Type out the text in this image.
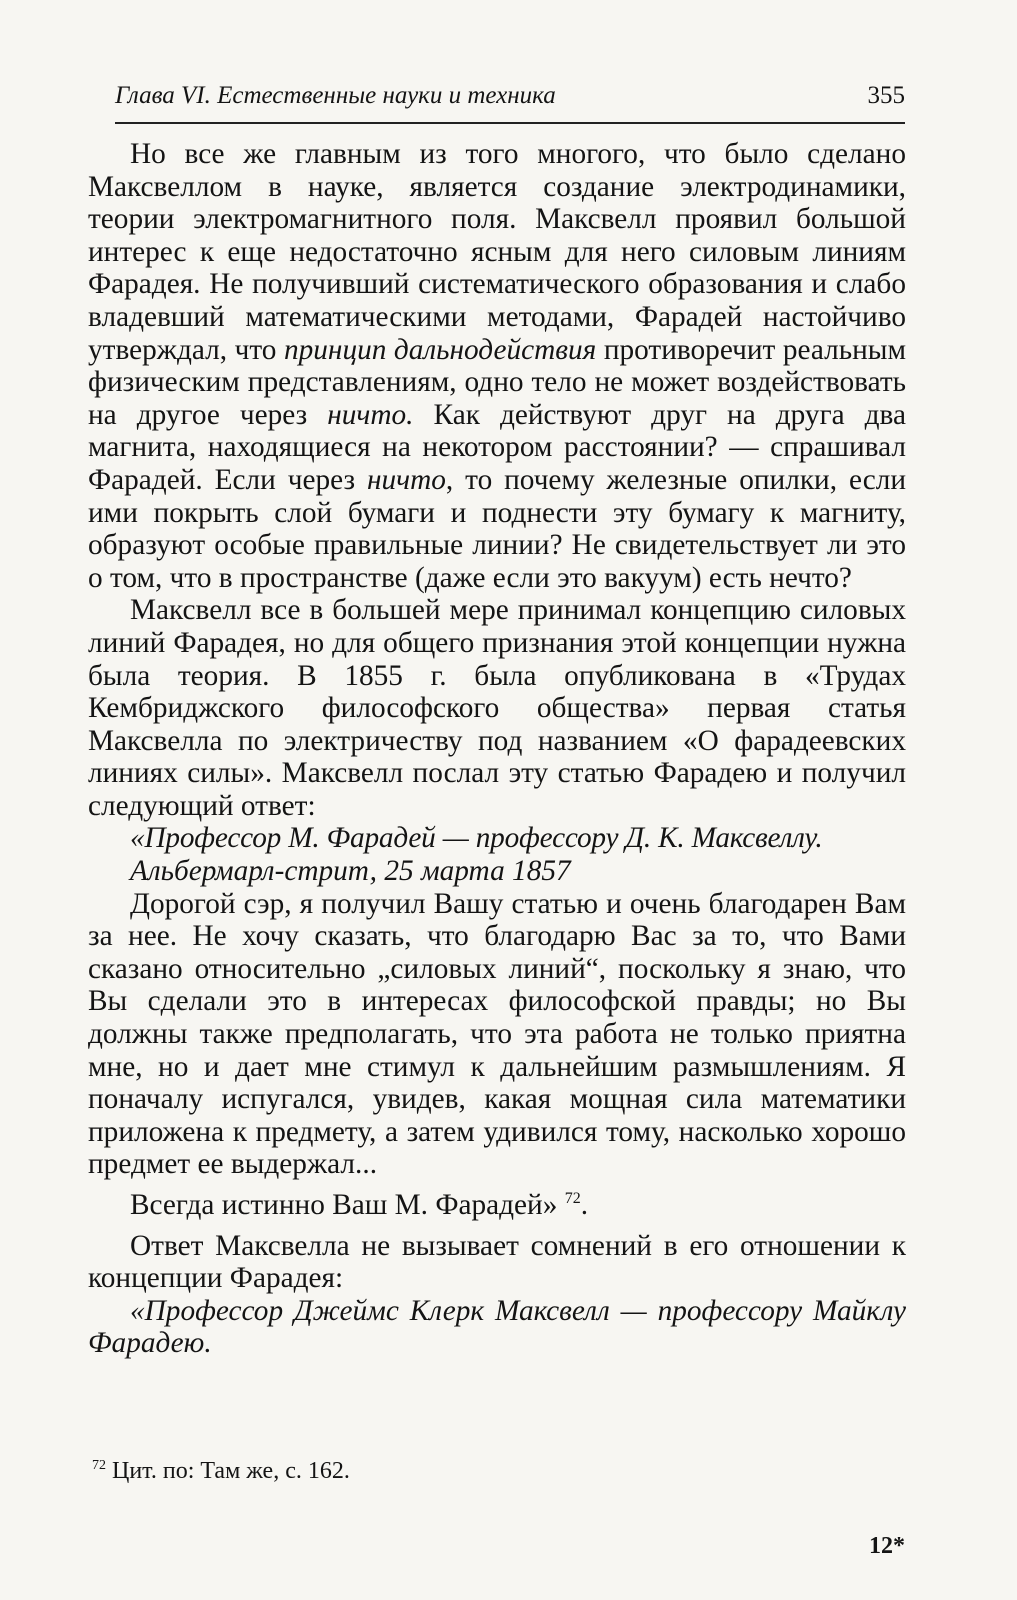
Глава VI. Естественные науки и техника	355

Но все же главным из того многого, что было сделано Максвеллом в науке, является создание электродинамики, теории электромагнитного поля. Максвелл проявил большой интерес к еще недостаточно ясным для него силовым линиям Фарадея. Не получивший систематического образования и слабо владевший математическими методами, Фарадей настойчиво утверждал, что принцип дальнодействия противоречит реальным физическим представлениям, одно тело не может воздействовать на другое через ничто. Как действуют друг на друга два магнита, находящиеся на некотором расстоянии? — спрашивал Фарадей. Если через ничто, то почему железные опилки, если ими покрыть слой бумаги и поднести эту бумагу к магниту, образуют особые правильные линии? Не свидетельствует ли это о том, что в пространстве (даже если это вакуум) есть нечто?

Максвелл все в большей мере принимал концепцию силовых линий Фарадея, но для общего признания этой концепции нужна была теория. В 1855 г. была опубликована в «Трудах Кембриджского философского общества» первая статья Максвелла по электричеству под названием «О фарадеевских линиях силы». Максвелл послал эту статью Фарадею и получил следующий ответ:

«Профессор М. Фарадей — профессору Д. К. Максвеллу.

Альбермарл-стрит, 25 марта 1857

Дорогой сэр, я получил Вашу статью и очень благодарен Вам за нее. Не хочу сказать, что благодарю Вас за то, что Вами сказано относительно „силовых линий“, поскольку я знаю, что Вы сделали это в интересах философской правды; но Вы должны также предполагать, что эта работа не только приятна мне, но и дает мне стимул к дальнейшим размышлениям. Я поначалу испугался, увидев, какая мощная сила математики приложена к предмету, а затем удивился тому, насколько хорошо предмет ее выдержал...

Всегда истинно Ваш М. Фарадей» $^{72}$.

Ответ Максвелла не вызывает сомнений в его отношении к концепции Фарадея:

«Профессор Джеймс Клерк Максвелл — профессору Майклу Фарадею.

$^{72}$ Цит. по: Там же, с. 162.
12*
